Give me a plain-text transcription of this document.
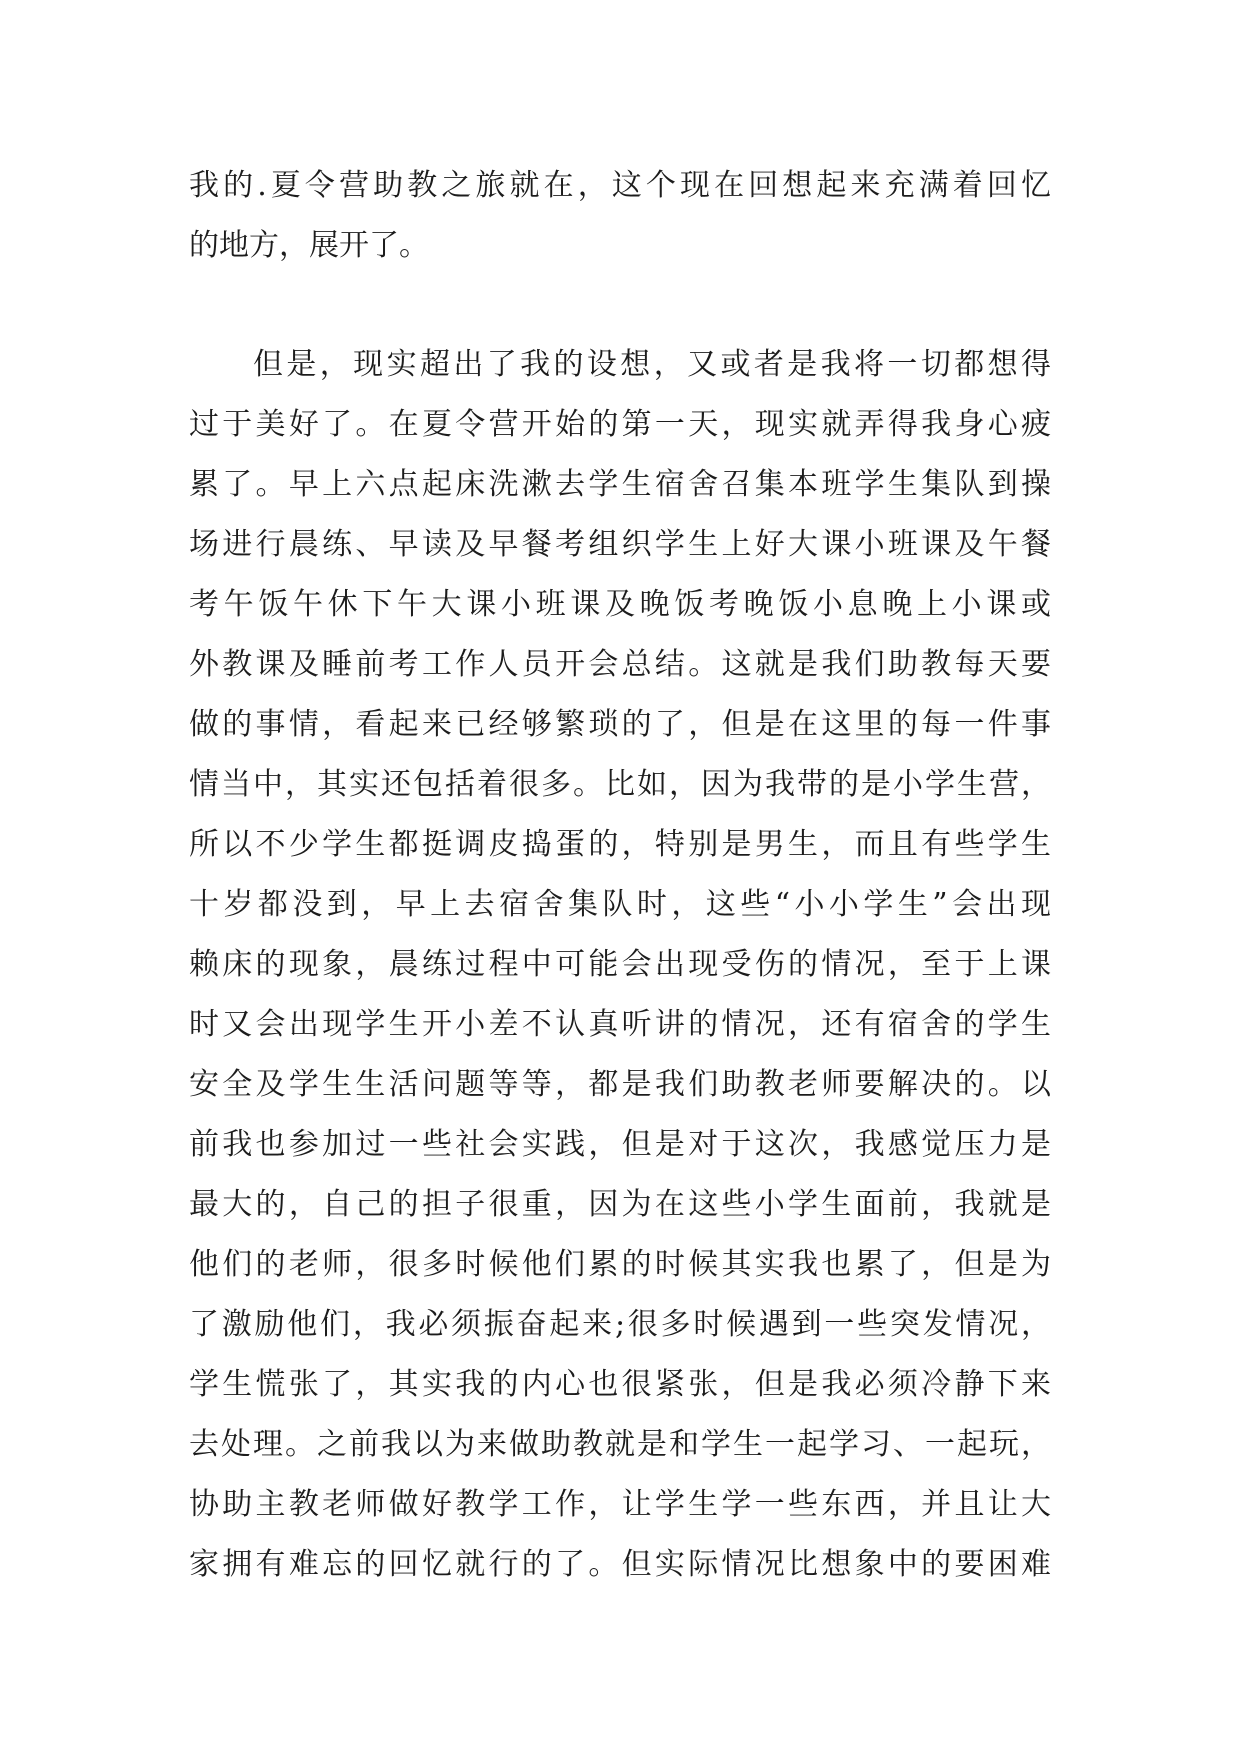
我的.夏令营助教之旅就在，这个现在回想起来充满着回忆
的地方，展开了。
但是，现实超出了我的设想，又或者是我将一切都想得
过于美好了。在夏令营开始的第一天，现实就弄得我身心疲
累了。早上六点起床洗漱去学生宿舍召集本班学生集队到操
场进行晨练、早读及早餐考组织学生上好大课小班课及午餐
考午饭午休下午大课小班课及晚饭考晚饭小息晚上小课或
外教课及睡前考工作人员开会总结。这就是我们助教每天要
做的事情，看起来已经够繁琐的了，但是在这里的每一件事
情当中，其实还包括着很多。比如，因为我带的是小学生营，
所以不少学生都挺调皮捣蛋的，特别是男生，而且有些学生
十岁都没到，早上去宿舍集队时，这些“小小学生”会出现
赖床的现象，晨练过程中可能会出现受伤的情况，至于上课
时又会出现学生开小差不认真听讲的情况，还有宿舍的学生
安全及学生生活问题等等，都是我们助教老师要解决的。以
前我也参加过一些社会实践，但是对于这次，我感觉压力是
最大的，自己的担子很重，因为在这些小学生面前，我就是
他们的老师，很多时候他们累的时候其实我也累了，但是为
了激励他们，我必须振奋起来;很多时候遇到一些突发情况，
学生慌张了，其实我的内心也很紧张，但是我必须冷静下来
去处理。之前我以为来做助教就是和学生一起学习、一起玩，
协助主教老师做好教学工作，让学生学一些东西，并且让大
家拥有难忘的回忆就行的了。但实际情况比想象中的要困难
